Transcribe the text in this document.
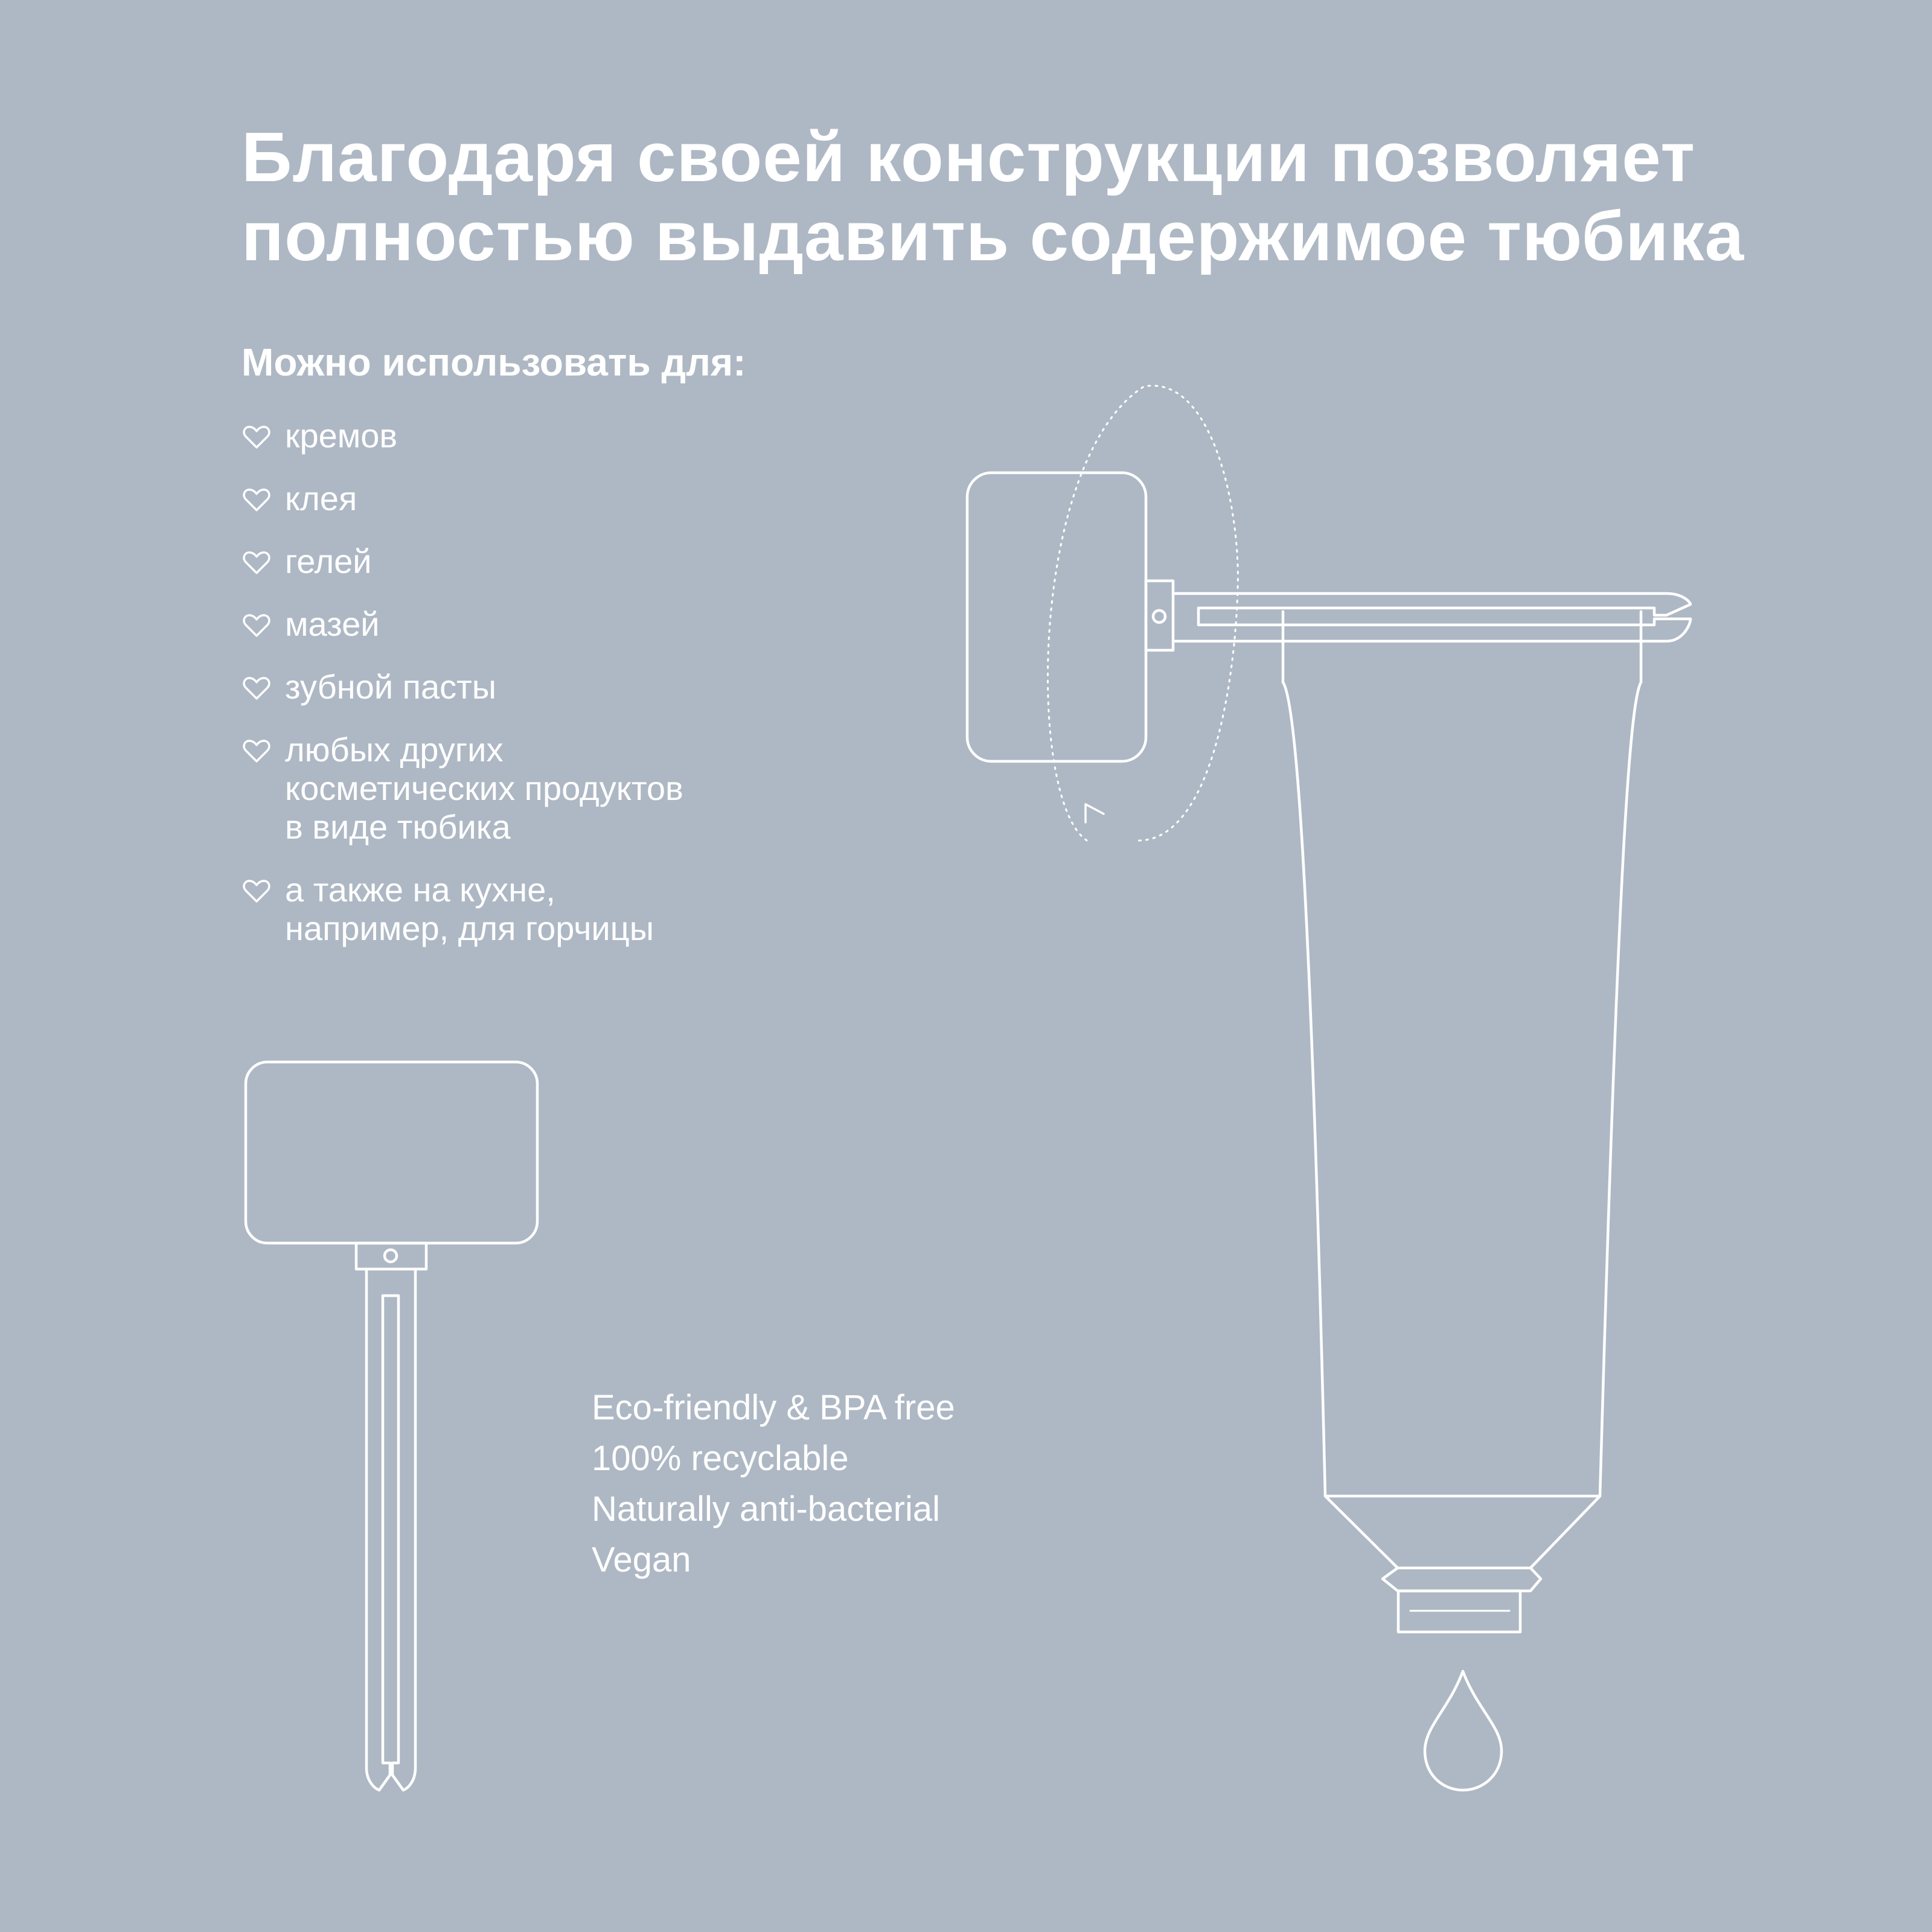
Благодаря своей конструкции позволяет
полностью выдавить содержимое тюбика
Можно использовать для:
кремов
клея
гелей
мазей
зубной пасты
любых других
косметических продуктов
в виде тюбика
а также на кухне,
например, для горчицы
Eco-friendly & BPA free
100% recyclable
Naturally anti-bacterial
Vegan
